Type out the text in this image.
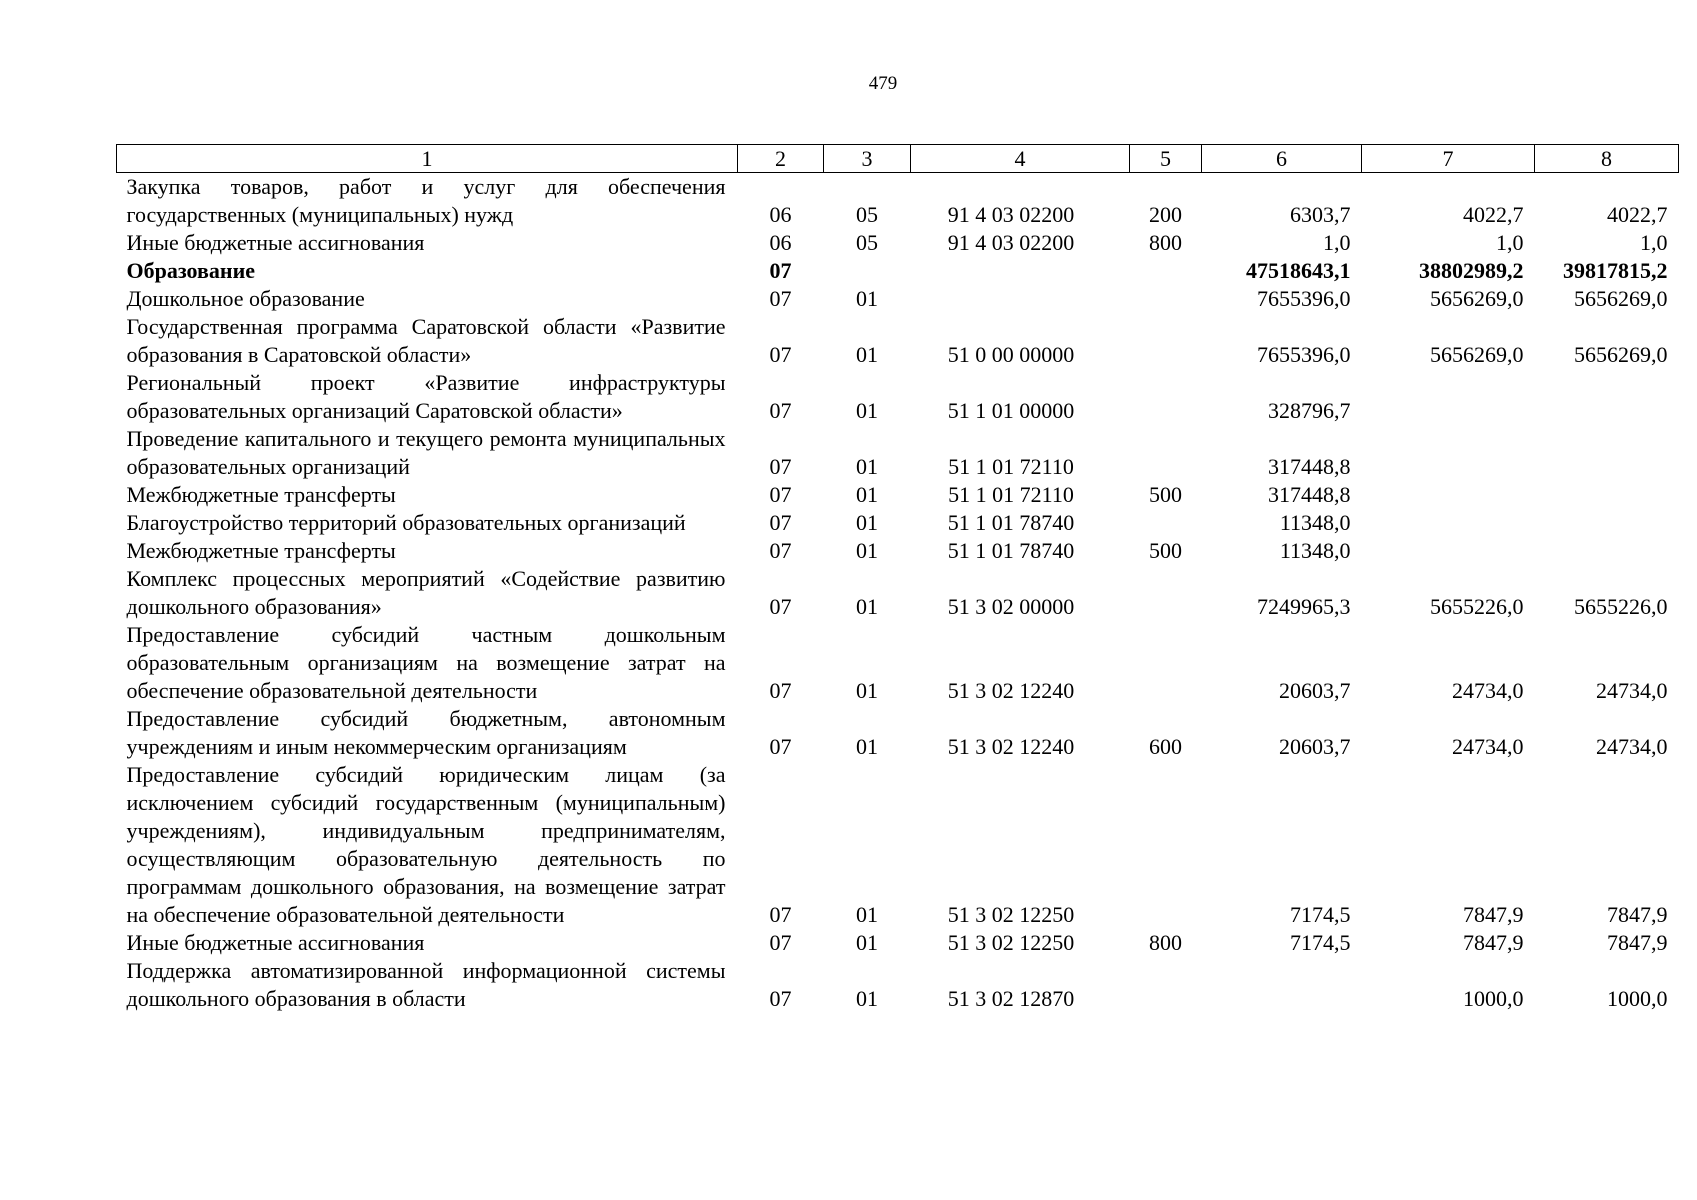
479
1	2	3	4	5	6	7	8
Закупка товаров, работ и услуг для обеспечения государственных (муниципальных) нужд	06	05	91 4 03 02200	200	6303,7	4022,7	4022,7
Иные бюджетные ассигнования	06	05	91 4 03 02200	800	1,0	1,0	1,0
Образование	07				47518643,1	38802989,2	39817815,2
Дошкольное образование	07	01			7655396,0	5656269,0	5656269,0
Государственная программа Саратовской области «Развитие образования в Саратовской области»	07	01	51 0 00 00000		7655396,0	5656269,0	5656269,0
Региональный проект «Развитие инфраструктуры образовательных организаций Саратовской области»	07	01	51 1 01 00000		328796,7		
Проведение капитального и текущего ремонта муниципальных образовательных организаций	07	01	51 1 01 72110		317448,8		
Межбюджетные трансферты	07	01	51 1 01 72110	500	317448,8		
Благоустройство территорий образовательных организаций	07	01	51 1 01 78740		11348,0		
Межбюджетные трансферты	07	01	51 1 01 78740	500	11348,0		
Комплекс процессных мероприятий «Содействие развитию дошкольного образования»	07	01	51 3 02 00000		7249965,3	5655226,0	5655226,0
Предоставление субсидий частным дошкольным образовательным организациям на возмещение затрат на обеспечение образовательной деятельности	07	01	51 3 02 12240		20603,7	24734,0	24734,0
Предоставление субсидий бюджетным, автономным учреждениям и иным некоммерческим организациям	07	01	51 3 02 12240	600	20603,7	24734,0	24734,0
Предоставление субсидий юридическим лицам (за исключением субсидий государственным (муниципальным) учреждениям), индивидуальным предпринимателям, осуществляющим образовательную деятельность по программам дошкольного образования, на возмещение затрат на обеспечение образовательной деятельности	07	01	51 3 02 12250		7174,5	7847,9	7847,9
Иные бюджетные ассигнования	07	01	51 3 02 12250	800	7174,5	7847,9	7847,9
Поддержка автоматизированной информационной системы дошкольного образования в области	07	01	51 3 02 12870			1000,0	1000,0
